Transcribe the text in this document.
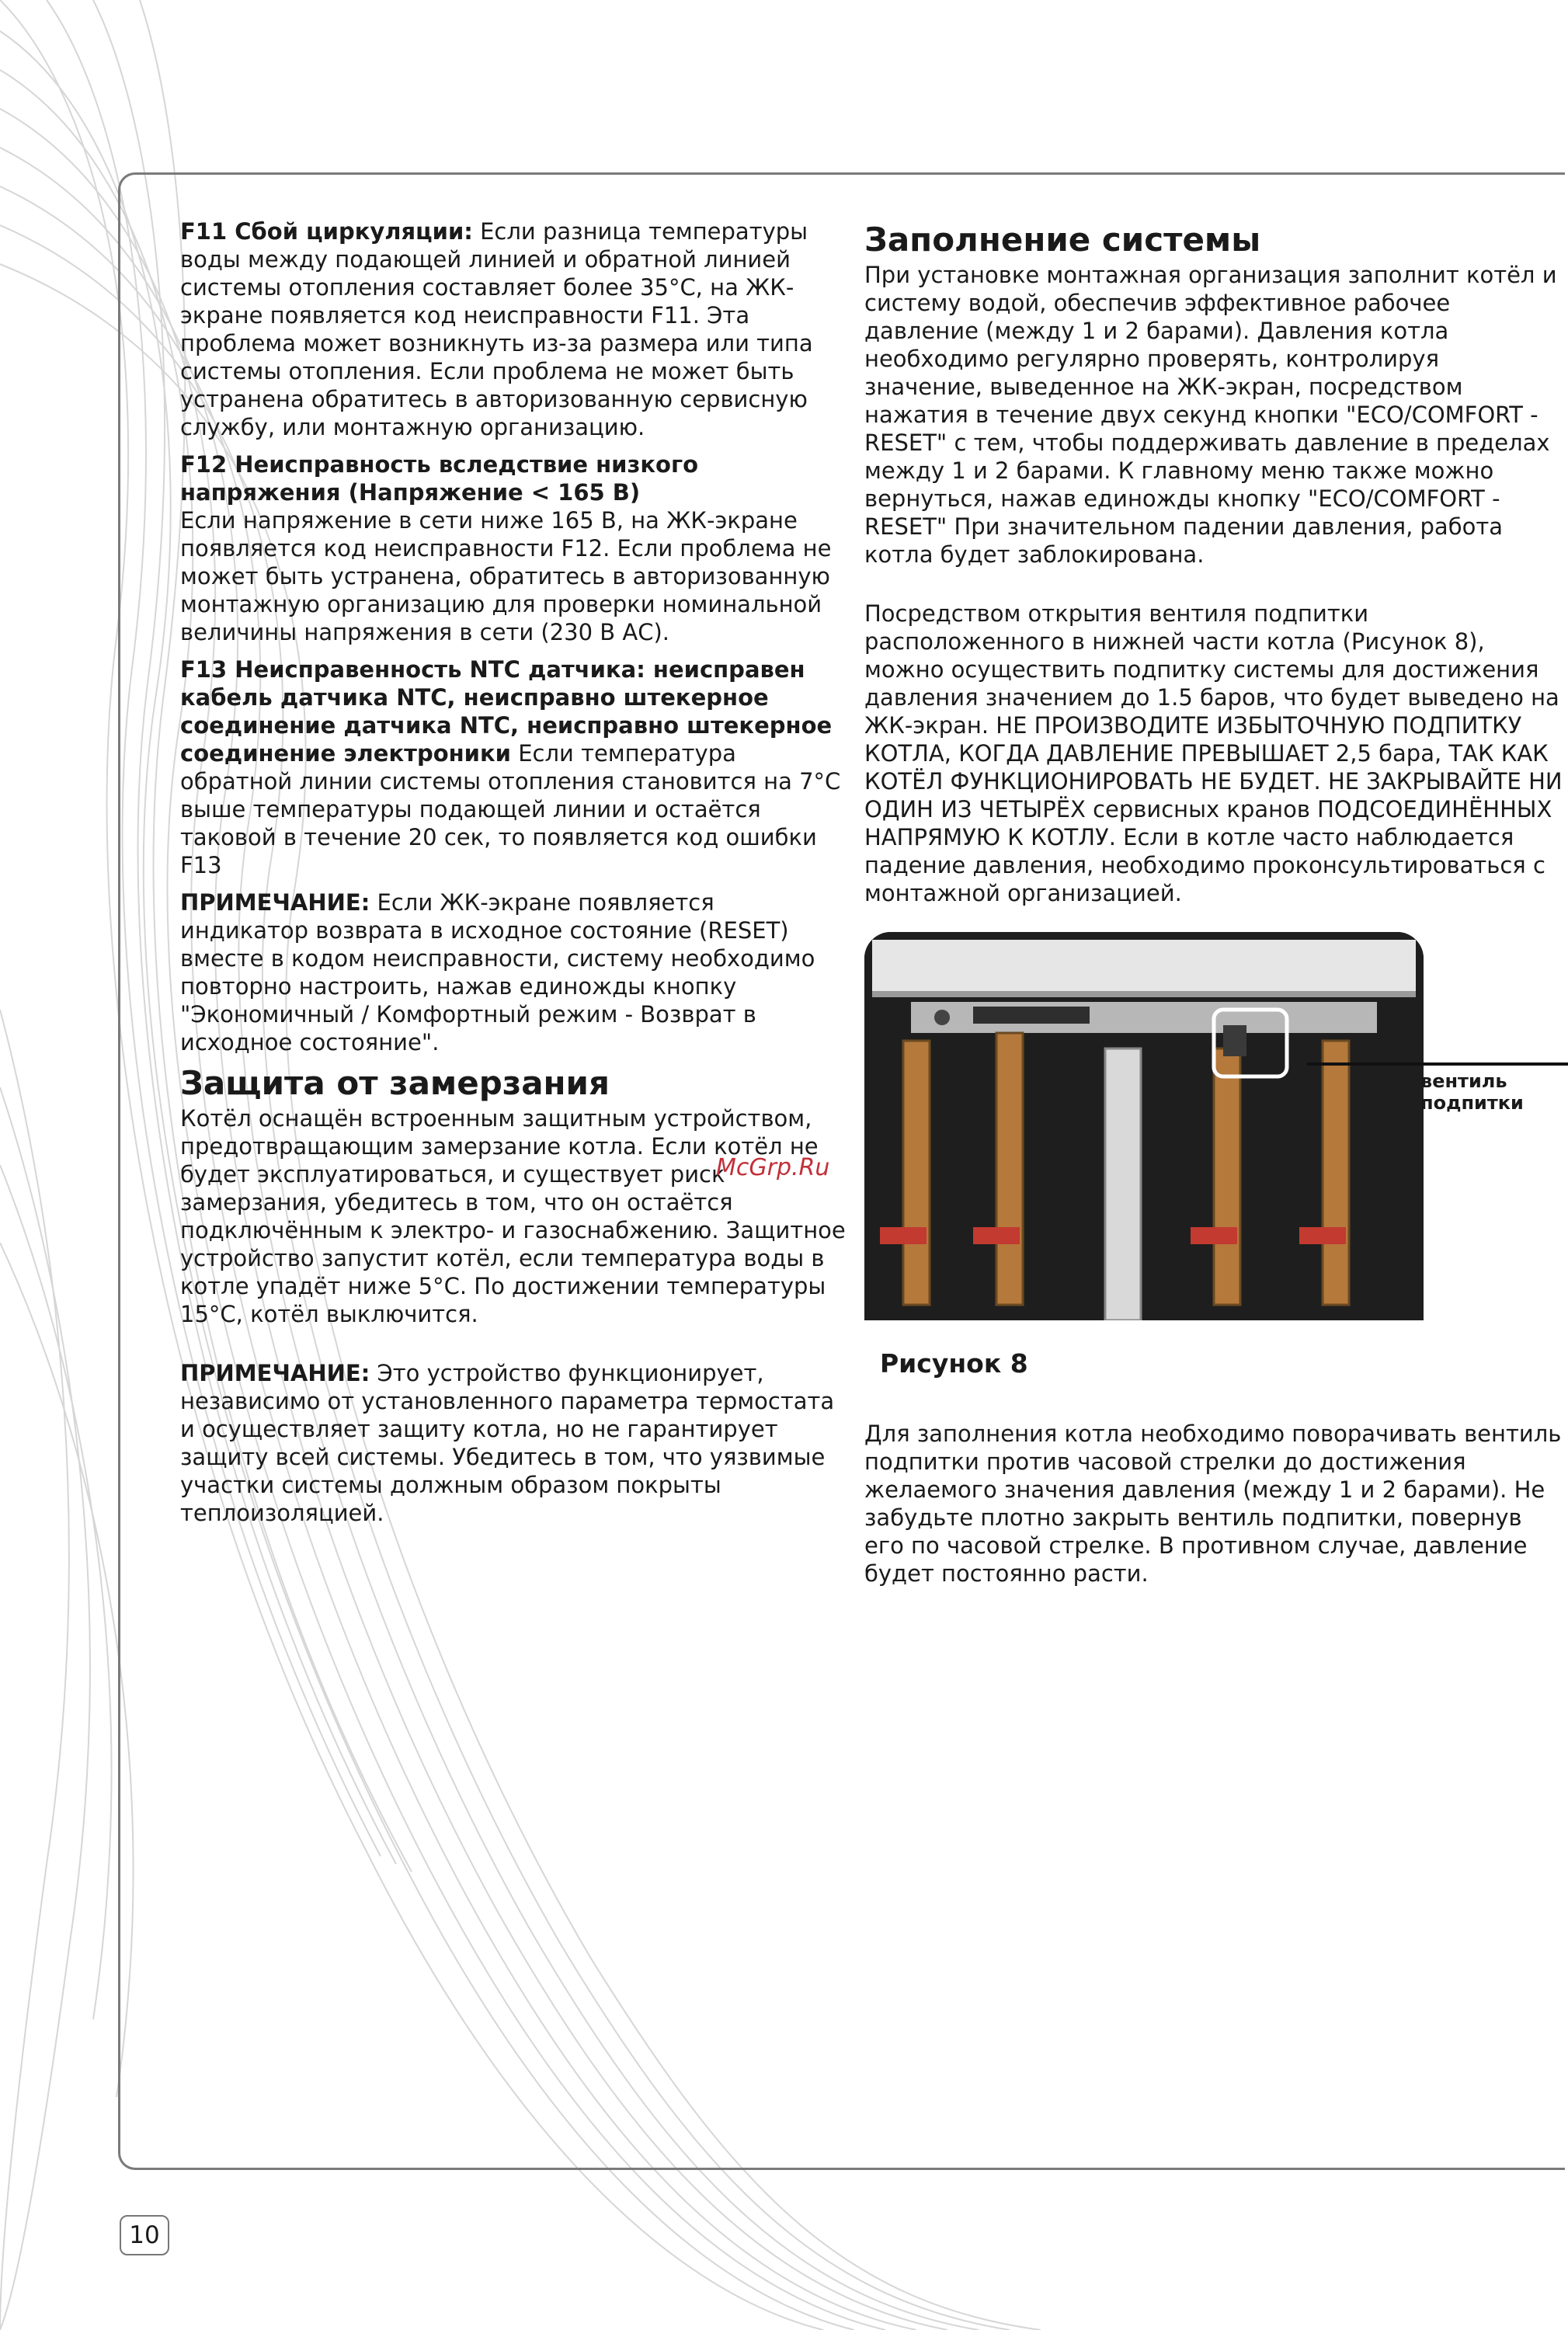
F11 Сбой циркуляции: Если разница температуры воды между подающей линией и обратной линией системы отопления составляет более 35°C, на ЖК-экране появляется код неисправности F11. Эта проблема может возникнуть из-за размера или типа системы отопления. Если проблема не может быть устранена обратитесь в авторизованную сервисную службу, или монтажную организацию.

F12 Неисправность вследствие низкого напряжения (Напряжение < 165 В)
Если напряжение в сети ниже 165 В, на ЖК-экране появляется код неисправности F12. Если проблема не может быть устранена, обратитесь в авторизованную монтажную организацию для проверки номинальной величины напряжения в сети (230 В АС).

F13 Неисправенность NTC датчика: неисправен кабель датчика NTC, неисправно штекерное соединение датчика NTC, неисправно штекерное соединение электроники Если температура обратной линии системы отопления становится на 7°С выше температуры подающей линии и остаётся таковой в течение 20 сек, то появляется код ошибки F13

ПРИМЕЧАНИЕ: Если ЖК-экране появляется индикатор возврата в исходное состояние (RESET) вместе в кодом неисправности, систему необходимо повторно настроить, нажав единожды кнопку "Экономичный / Комфортный режим - Возврат в исходное состояние".

Защита от замерзания

Котёл оснащён встроенным защитным устройством, предотвращающим замерзание котла. Если котёл не будет эксплуатироваться, и существует риск замерзания, убедитесь в том, что он остаётся подключённым к электро- и газоснабжению. Защитное устройство запустит котёл, если температура воды в котле упадёт ниже 5°С. По достижении температуры 15°С, котёл выключится.

ПРИМЕЧАНИЕ: Это устройство функционирует, независимо от установленного параметра термостата и осуществляет защиту котла, но не гарантирует защиту всей системы. Убедитесь в том, что уязвимые участки системы должным образом покрыты теплоизоляцией.

McGrp.Ru
Заполнение системы

При установке монтажная организация заполнит котёл и систему водой, обеспечив эффективное рабочее давление (между 1 и 2 барами). Давления котла необходимо регулярно проверять, контролируя значение, выведенное на ЖК-экран, посредством нажатия в течение двух секунд кнопки "ECO/COMFORT - RESET" с тем, чтобы поддерживать давление в пределах между 1 и 2 барами. К главному меню также можно вернуться, нажав единожды кнопку "ECO/COMFORT - RESET" При значительном падении давления, работа котла будет заблокирована.

Посредством открытия вентиля подпитки расположенного в нижней части котла (Рисунок 8), можно осуществить подпитку системы для достижения давления значением до 1.5 баров, что будет выведено на ЖК-экран. НЕ ПРОИЗВОДИТЕ ИЗБЫТОЧНУЮ ПОДПИТКУ КОТЛА, КОГДА ДАВЛЕНИЕ ПРЕВЫШАЕТ 2,5 бара, ТАК КАК КОТЁЛ ФУНКЦИОНИРОВАТЬ НЕ БУДЕТ. НЕ ЗАКРЫВАЙТЕ НИ ОДИН ИЗ ЧЕТЫРЁХ сервисных кранов ПОДСОЕДИНЁННЫХ НАПРЯМУЮ К КОТЛУ. Если в котле часто наблюдается падение давления, необходимо проконсультироваться с монтажной организацией.

вентиль подпитки
Рисунок 8

Для заполнения котла необходимо поворачивать вентиль подпитки против часовой стрелки до достижения желаемого значения давления (между 1 и 2 барами). Не забудьте плотно закрыть вентиль подпитки, повернув его по часовой стрелке. В противном случае, давление будет постоянно расти.

10
